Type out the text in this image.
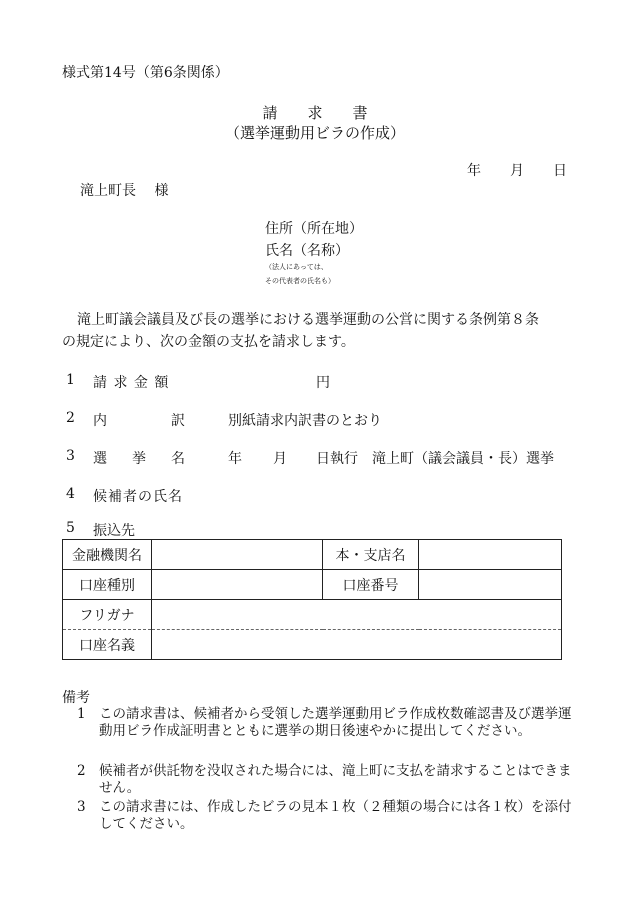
様式第14号（第6条関係）
請　　求　　書
（選挙運動用ビラの作成）
年 月 日
滝上町長　 様
住所（所在地）
氏名（名称）
（法人にあっては、
その代表者の氏名も）
滝上町議会議員及び長の選挙における選挙運動の公営に関する条例第８条
の規定により、次の金額の支払を請求します。
1 請 求 金 額	円
2 内	訳	別紙請求内訳書のとおり
3 選 挙 名	年 月 日執行　滝上町（議会議員・長）選挙
4 候補者の氏名
5 振込先
金融機関名		本・支店名	
口座種別		口座番号	
フリガナ			
口座名義			
備考
1 この請求書は、候補者から受領した選挙運動用ビラ作成枚数確認書及び選挙運動用ビラ作成証明書とともに選挙の期日後速やかに提出してください。
2 候補者が供託物を没収された場合には、滝上町に支払を請求することはできません。
3 この請求書には、作成したビラの見本１枚（２種類の場合には各１枚）を添付してください。
